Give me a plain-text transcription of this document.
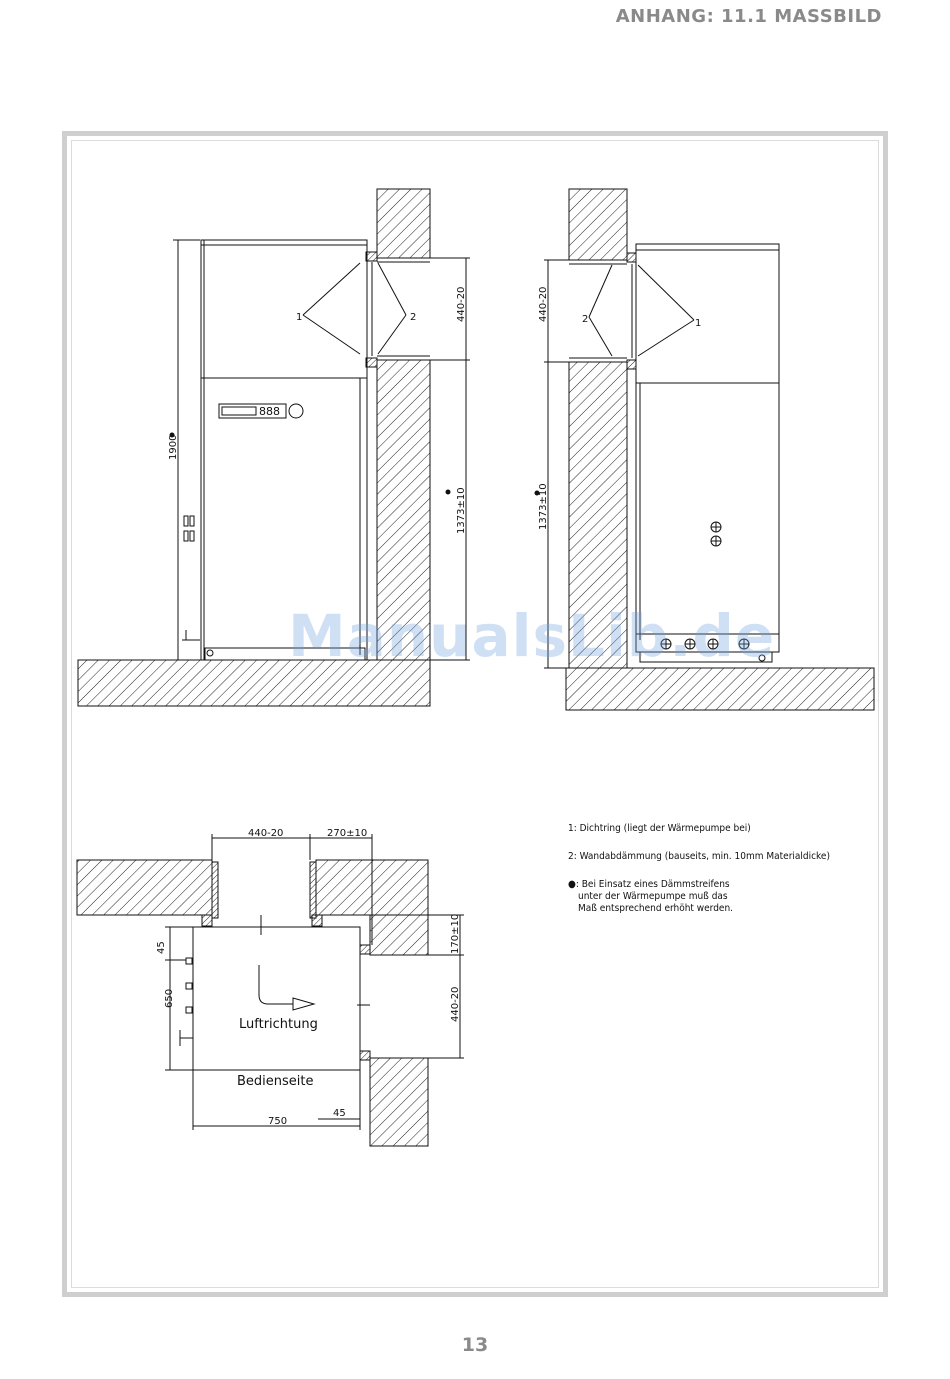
ANHANG: 11.1 MASSBILD
1900
440-20
1373±10
440-20
1373±10
1	2	2	1
888
440-20	270±10
45
650
170±10
440-20
45
750
Luftrichtung
Bedienseite
ManualsLib.de
1: Dichtring (liegt der Wärmepumpe bei)
2: Wandabdämmung (bauseits, min. 10mm Materialdicke)
●: Bei Einsatz eines Dämmstreifens
unter der Wärmepumpe muß das
Maß entsprechend erhöht werden.
13
